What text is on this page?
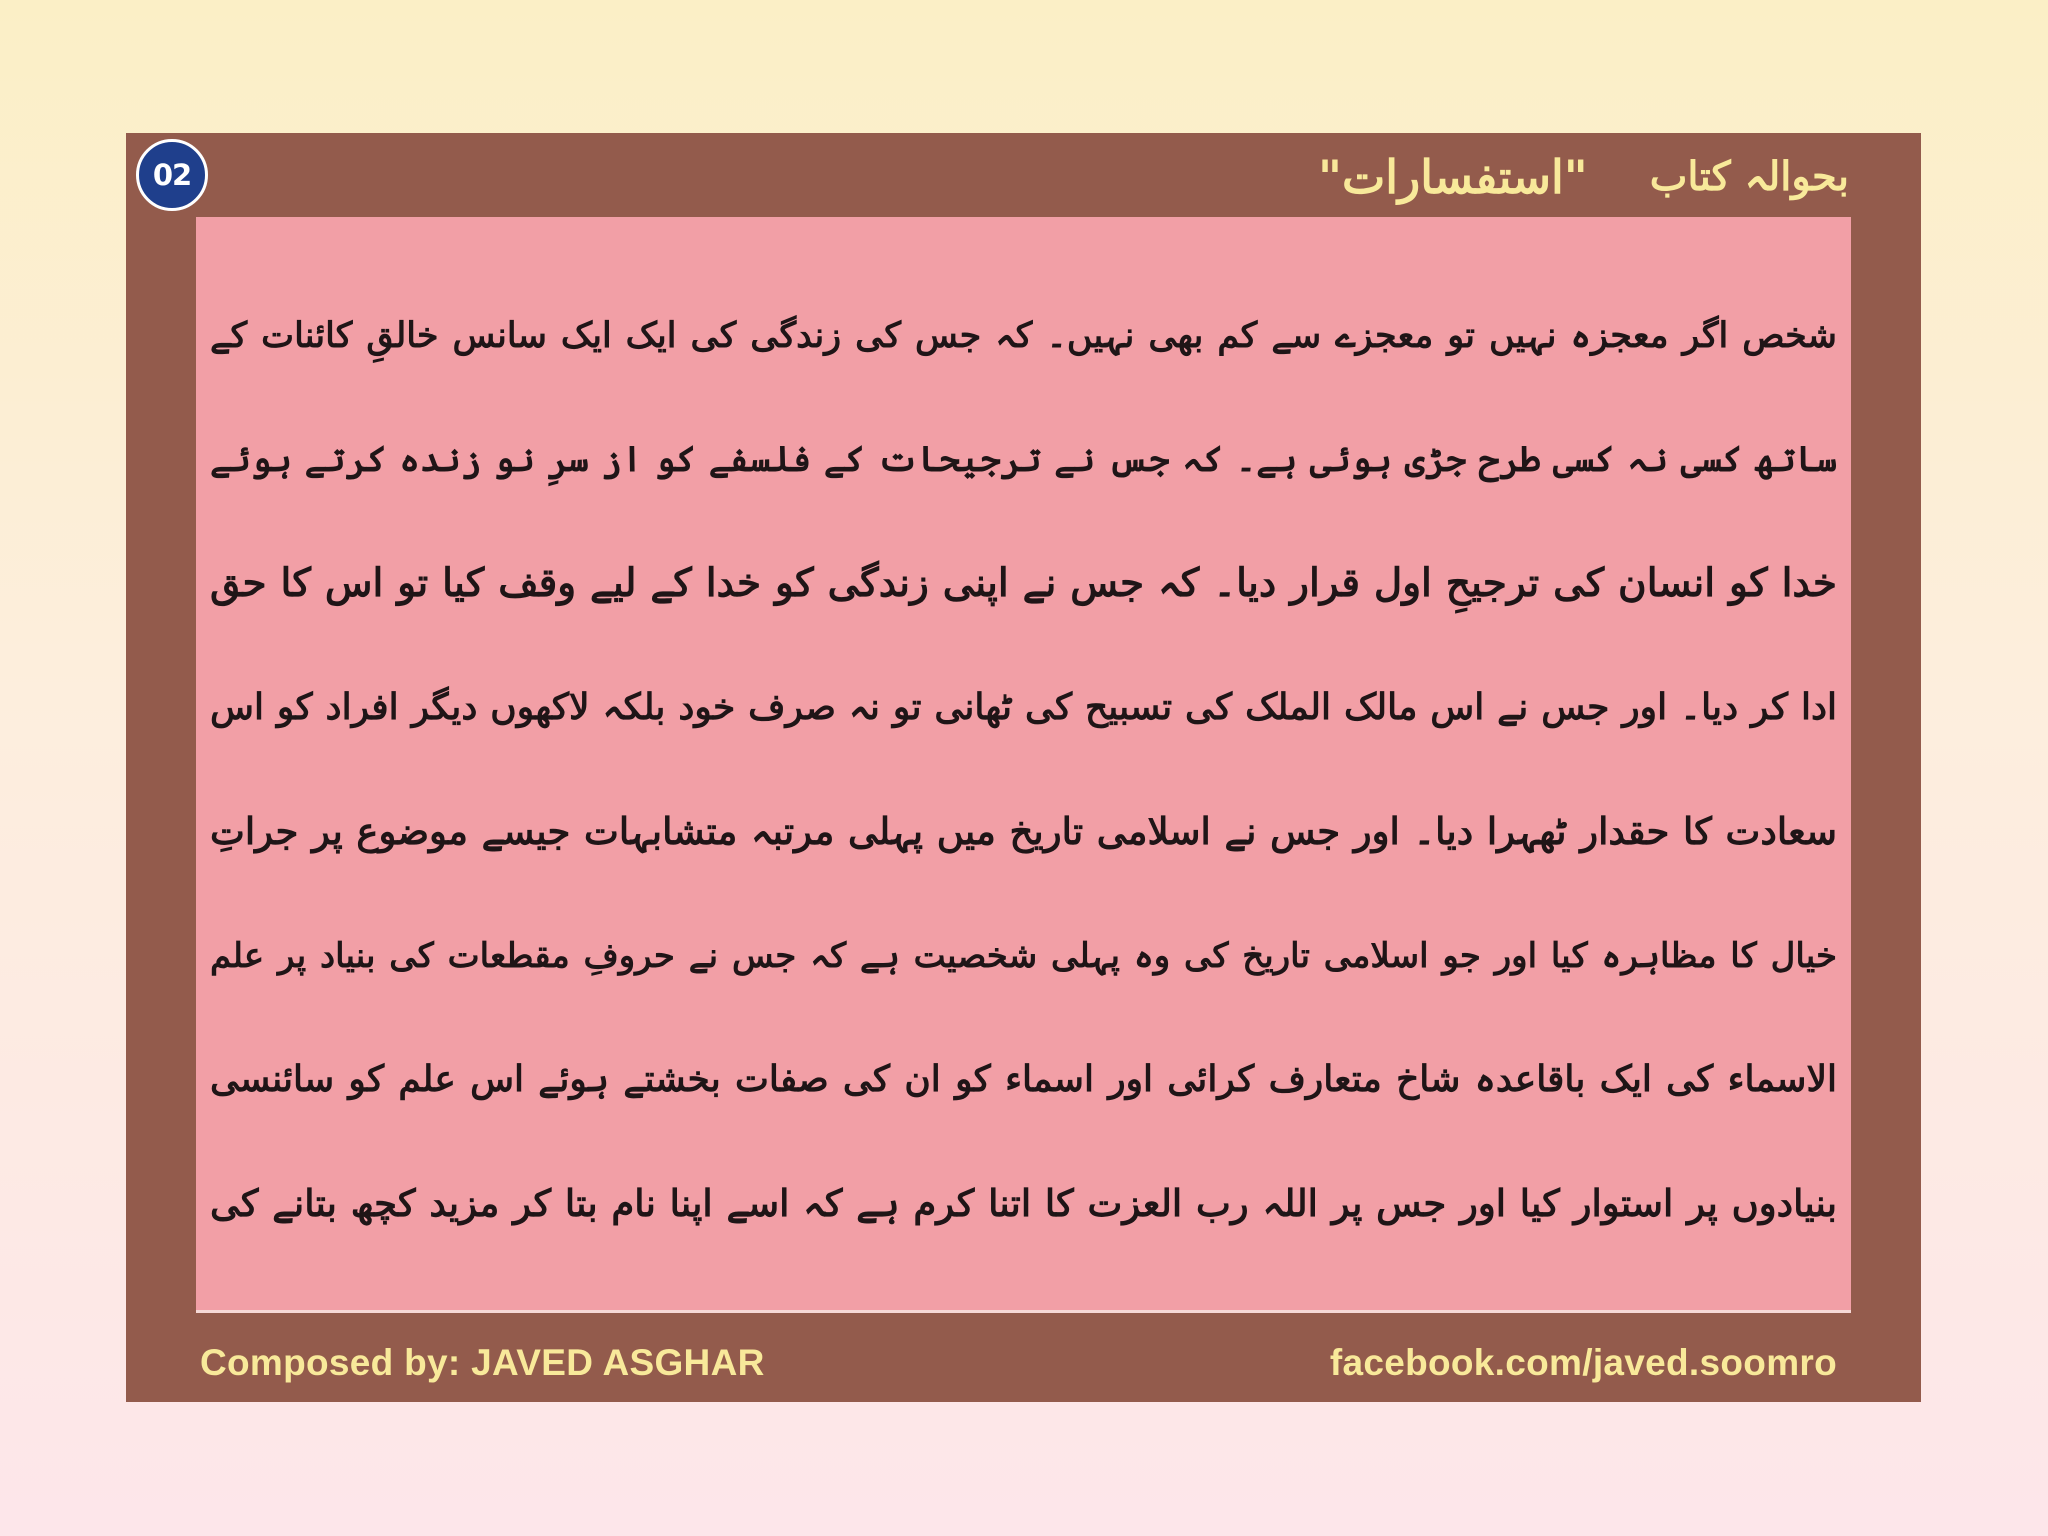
02	بحوالہ کتاب
"استفسارات"
شخص اگر معجزہ نہیں تو معجزے سے کم بھی نہیں۔ کہ جس کی زندگی کی ایک ایک سانس خالقِ کائنات کے
ساتھ کسی نہ کسی طرح جڑی ہوئی ہے۔ کہ جس نے ترجیحات کے فلسفے کو از سرِ نو زندہ کرتے ہوئے
خدا کو انسان کی ترجیحِ اول قرار دیا۔ کہ جس نے اپنی زندگی کو خدا کے لیے وقف کیا تو اس کا حق
ادا کر دیا۔ اور جس نے اس مالک الملک کی تسبیح کی ٹھانی تو نہ صرف خود بلکہ لاکھوں دیگر افراد کو اس
سعادت کا حقدار ٹھہرا دیا۔ اور جس نے اسلامی تاریخ میں پہلی مرتبہ متشابہات جیسے موضوع پر جراتِ
خیال کا مظاہرہ کیا اور جو اسلامی تاریخ کی وہ پہلی شخصیت ہے کہ جس نے حروفِ مقطعات کی بنیاد پر علم
الاسماء کی ایک باقاعدہ شاخ متعارف کرائی اور اسماء کو ان کی صفات بخشتے ہوئے اس علم کو سائنسی
بنیادوں پر استوار کیا اور جس پر اللہ رب العزت کا اتنا کرم ہے کہ اسے اپنا نام بتا کر مزید کچھ بتانے کی
Composed by: JAVED ASGHAR	facebook.com/javed.soomro
